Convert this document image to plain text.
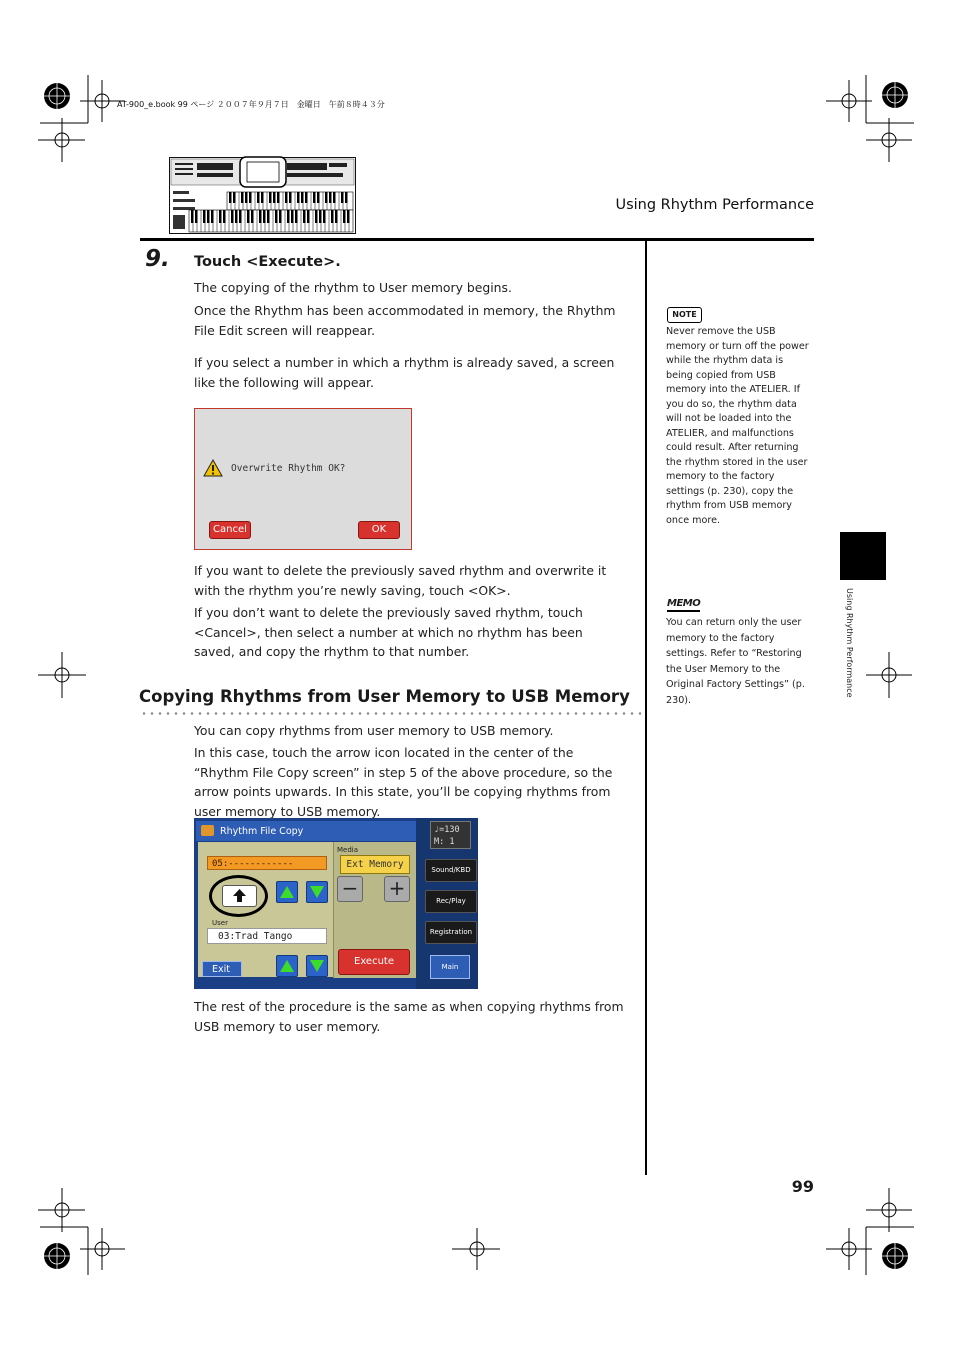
AT-900_e.book 99 ページ ２００７年９月７日　金曜日　午前８時４３分
Using Rhythm Performance
9. Touch <Execute>.
The copying of the rhythm to User memory begins.
Once the Rhythm has been accommodated in memory, the Rhythm File Edit screen will reappear.
If you select a number in which a rhythm is already saved, a screen like the following will appear.
Overwrite Rhythm OK?
Cancel	OK
If you want to delete the previously saved rhythm and overwrite it with the rhythm you’re newly saving, touch <OK>.
If you don’t want to delete the previously saved rhythm, touch <Cancel>, then select a number at which no rhythm has been saved, and copy the rhythm to that number.
Copying Rhythms from User Memory to USB Memory
You can copy rhythms from user memory to USB memory.
In this case, touch the arrow icon located in the center of the “Rhythm File Copy screen” in step 5 of the above procedure, so the arrow points upwards. In this state, you’ll be copying rhythms from user memory to USB memory.
Rhythm File Copy
05:------------
Media
Ext Memory
− +
User
03:Trad Tango
Exit
Execute
♩=130
M: 1
Sound/KBD
Rec/Play
Registration
Main
The rest of the procedure is the same as when copying rhythms from USB memory to user memory.
NOTE
Never remove the USB memory or turn off the power while the rhythm data is being copied from USB memory into the ATELIER. If you do so, the rhythm data will not be loaded into the ATELIER, and malfunctions could result. After returning the rhythm stored in the user memory to the factory settings (p. 230), copy the rhythm from USB memory once more.
MEMO
You can return only the user memory to the factory settings. Refer to “Restoring the User Memory to the Original Factory Settings” (p. 230).
Using Rhythm Performance
99
